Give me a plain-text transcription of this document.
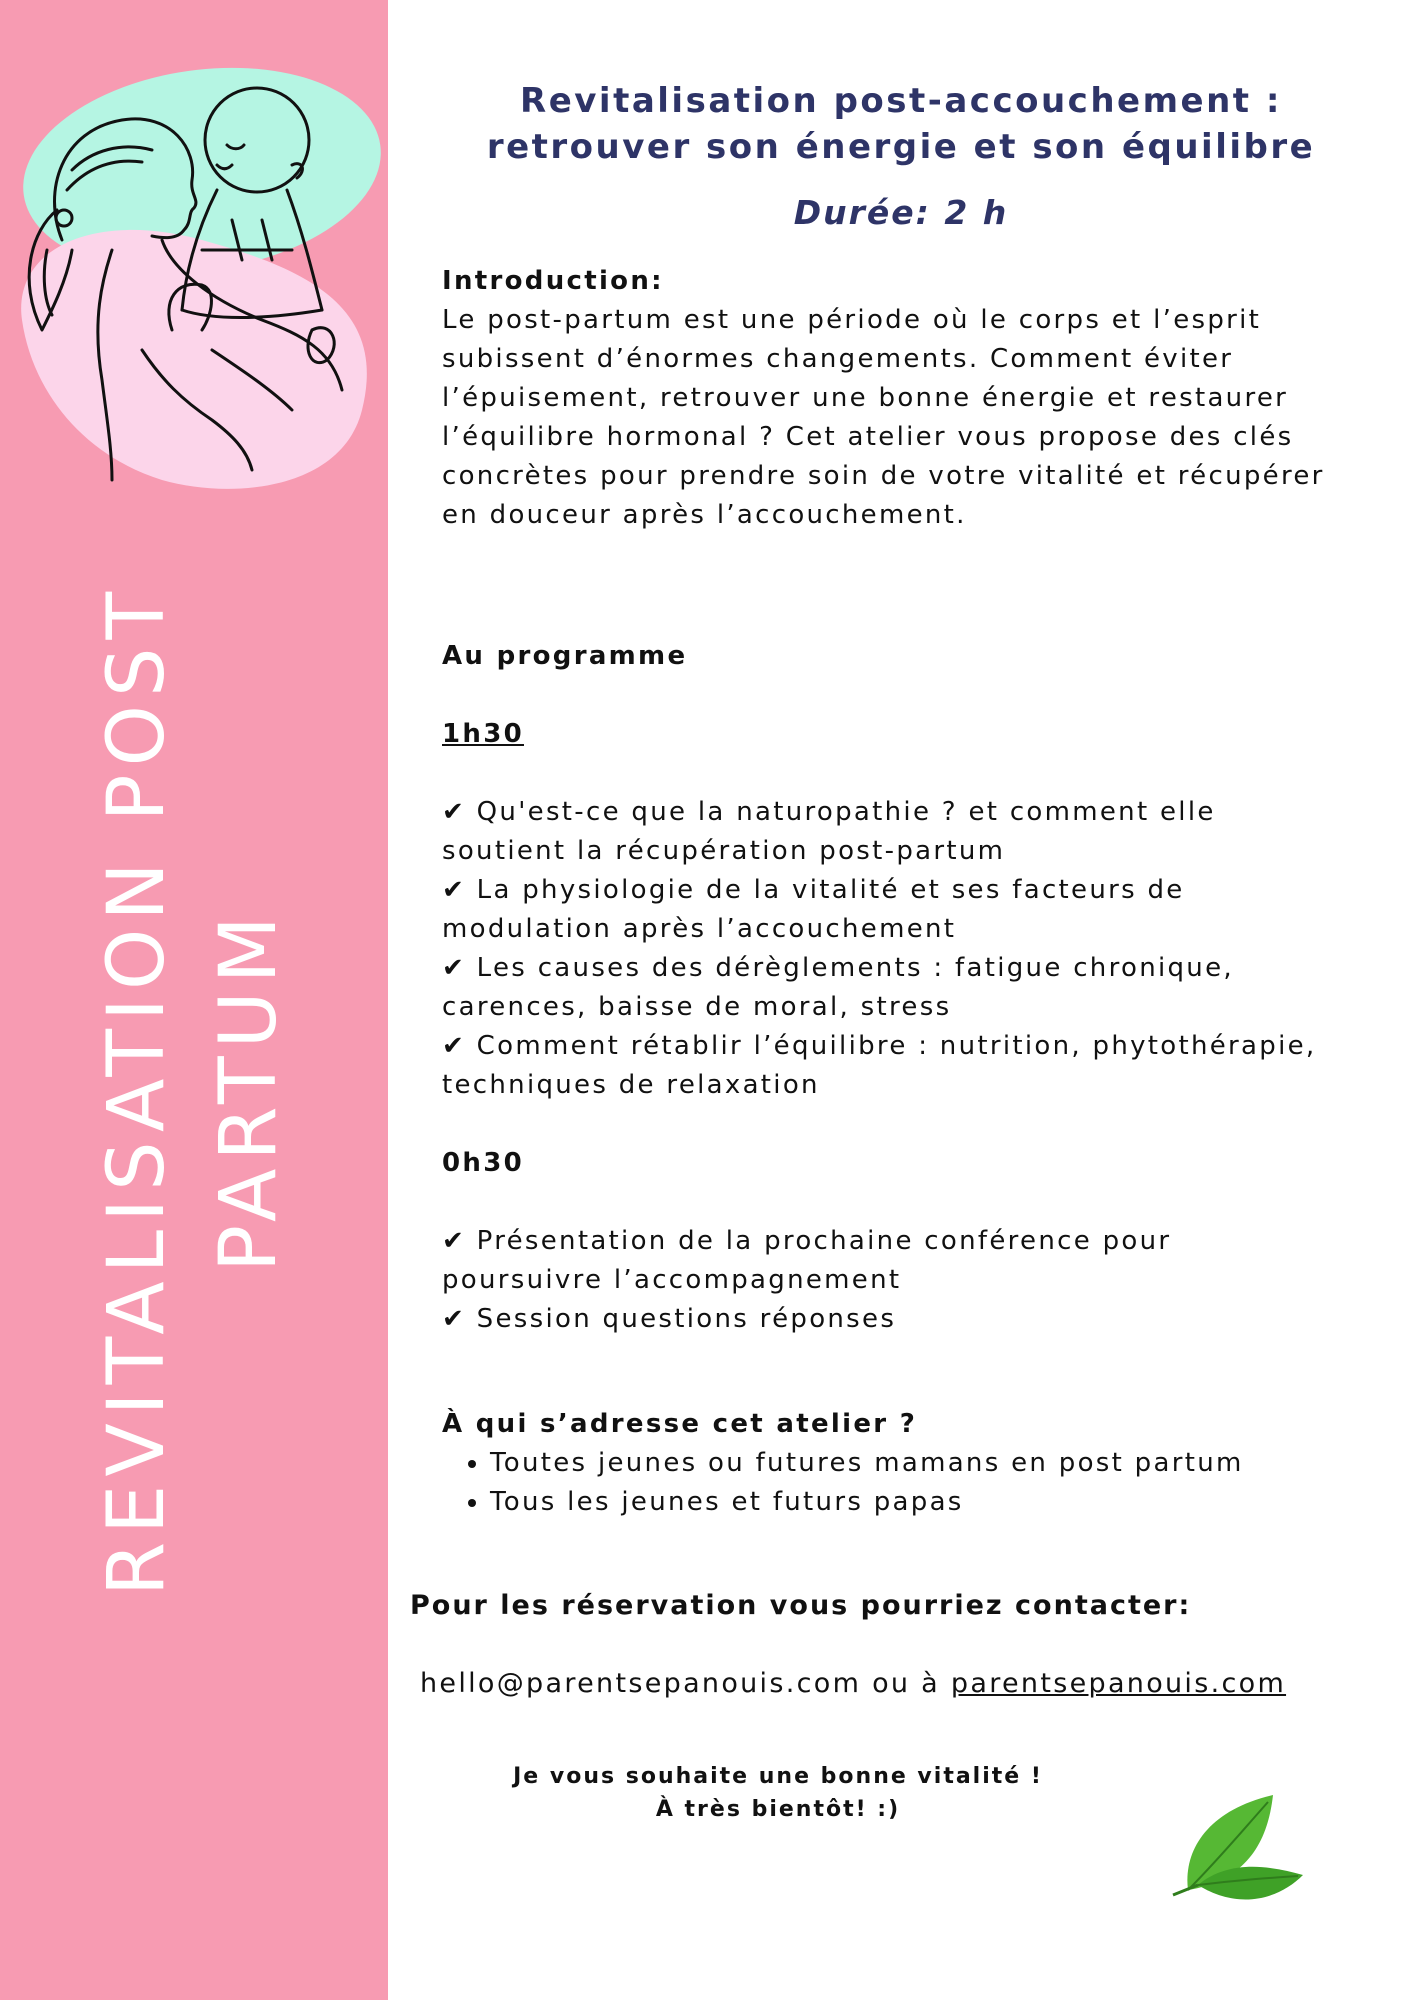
REVITALISATION POST PARTUM
Revitalisation post-accouchement :
retrouver son énergie et son équilibre
Durée: 2 h
Introduction:
Le post-partum est une période où le corps et l’esprit subissent d’énormes changements. Comment éviter l’épuisement, retrouver une bonne énergie et restaurer l’équilibre hormonal ? Cet atelier vous propose des clés concrètes pour prendre soin de votre vitalité et récupérer en douceur après l’accouchement.
Au programme
1h30
✔ Qu'est-ce que la naturopathie ? et comment elle soutient la récupération post-partum
✔ La physiologie de la vitalité et ses facteurs de modulation après l’accouchement
✔ Les causes des dérèglements : fatigue chronique, carences, baisse de moral, stress
✔ Comment rétablir l’équilibre : nutrition, phytothérapie, techniques de relaxation
0h30
✔ Présentation de la prochaine conférence pour poursuivre l’accompagnement
✔ Session questions réponses
À qui s’adresse cet atelier ?
• Toutes jeunes ou futures mamans en post partum
• Tous les jeunes et futurs papas
Pour les réservation vous pourriez contacter:
hello@parentsepanouis.com ou à parentsepanouis.com
Je vous souhaite une bonne vitalité !
À très bientôt! :)
